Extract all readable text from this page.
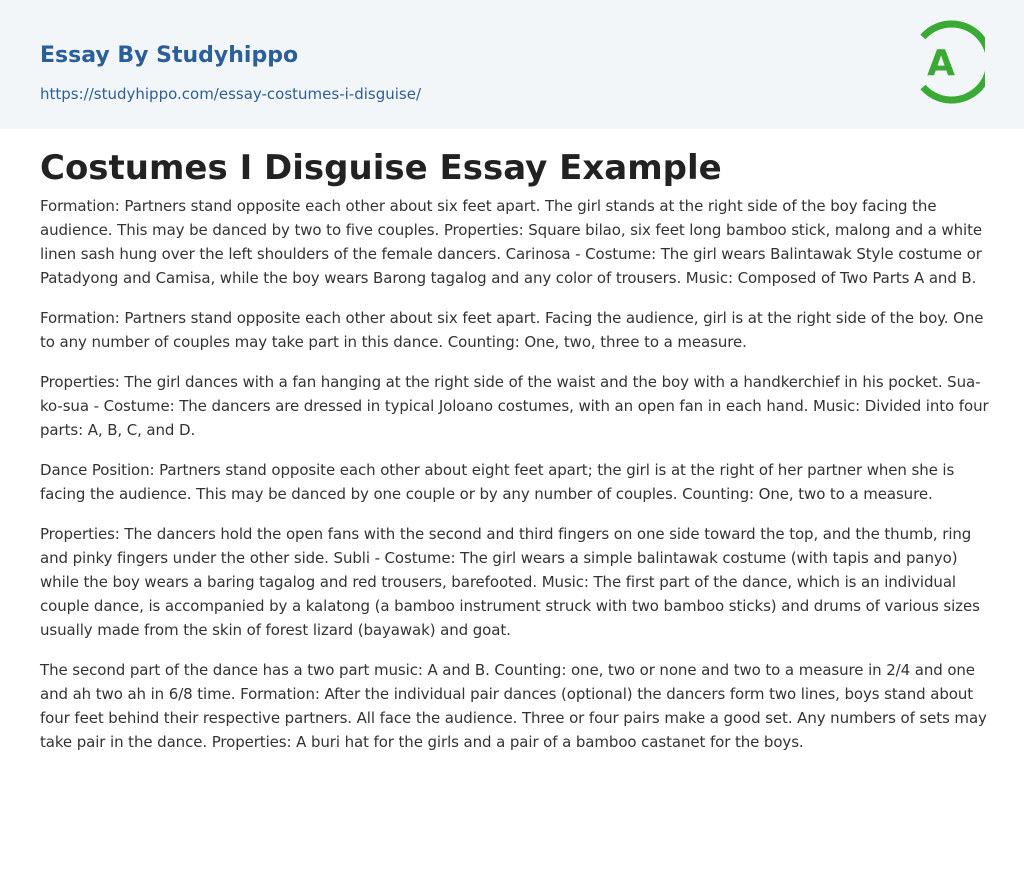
Essay By Studyhippo
https://studyhippo.com/essay-costumes-i-disguise/
A
Costumes I Disguise Essay Example

Formation: Partners stand opposite each other about six feet apart. The girl stands at the right side of the boy facing the audience. This may be danced by two to five couples. Properties: Square bilao, six feet long bamboo stick, malong and a white linen sash hung over the left shoulders of the female dancers. Carinosa - Costume: The girl wears Balintawak Style costume or Patadyong and Camisa, while the boy wears Barong tagalog and any color of trousers. Music: Composed of Two Parts A and B.

Formation: Partners stand opposite each other about six feet apart. Facing the audience, girl is at the right side of the boy. One to any number of couples may take part in this dance. Counting: One, two, three to a measure.

Properties: The girl dances with a fan hanging at the right side of the waist and the boy with a handkerchief in his pocket. Sua-ko-sua - Costume: The dancers are dressed in typical Joloano costumes, with an open fan in each hand. Music: Divided into four parts: A, B, C, and D.

Dance Position: Partners stand opposite each other about eight feet apart; the girl is at the right of her partner when she is facing the audience. This may be danced by one couple or by any number of couples. Counting: One, two to a measure.

Properties: The dancers hold the open fans with the second and third fingers on one side toward the top, and the thumb, ring and pinky fingers under the other side. Subli - Costume: The girl wears a simple balintawak costume (with tapis and panyo) while the boy wears a baring tagalog and red trousers, barefooted. Music: The first part of the dance, which is an individual couple dance, is accompanied by a kalatong (a bamboo instrument struck with two bamboo sticks) and drums of various sizes usually made from the skin of forest lizard (bayawak) and goat.

The second part of the dance has a two part music: A and B. Counting: one, two or none and two to a measure in 2/4 and one and ah two ah in 6/8 time. Formation: After the individual pair dances (optional) the dancers form two lines, boys stand about four feet behind their respective partners. All face the audience. Three or four pairs make a good set. Any numbers of sets may take pair in the dance. Properties: A buri hat for the girls and a pair of a bamboo castanet for the boys.
